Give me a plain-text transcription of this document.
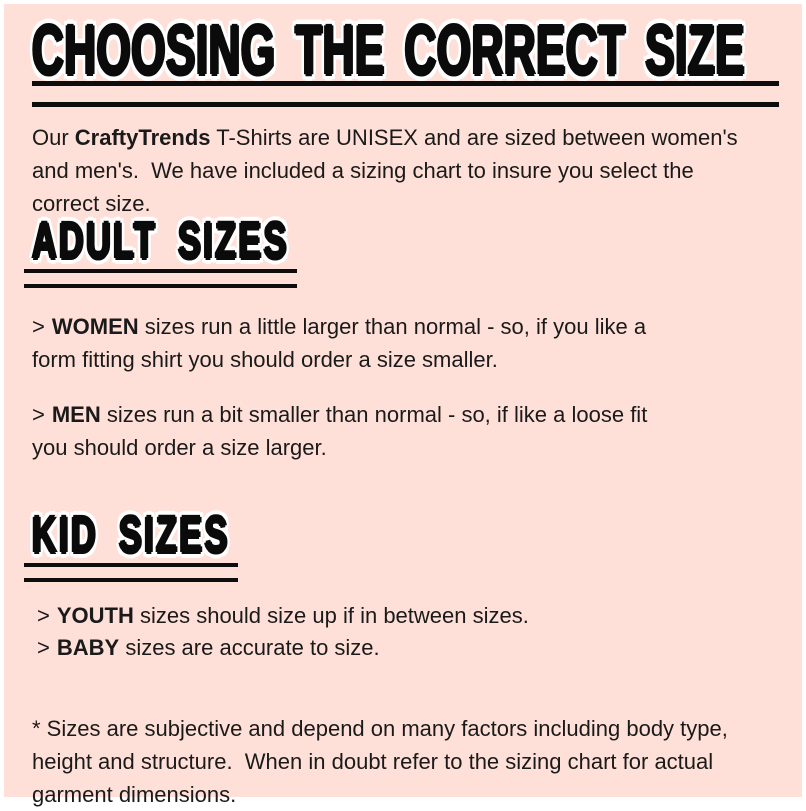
CHOOSING THE CORRECT SIZE
Our CraftyTrends T-Shirts are UNISEX and are sized between women's
and men's.  We have included a sizing chart to insure you select the
correct size.
ADULT SIZES
> WOMEN sizes run a little larger than normal - so, if you like a
form fitting shirt you should order a size smaller.
> MEN sizes run a bit smaller than normal - so, if like a loose fit
you should order a size larger.
KID SIZES
> YOUTH sizes should size up if in between sizes.
> BABY sizes are accurate to size.
* Sizes are subjective and depend on many factors including body type,
height and structure.  When in doubt refer to the sizing chart for actual
garment dimensions.
